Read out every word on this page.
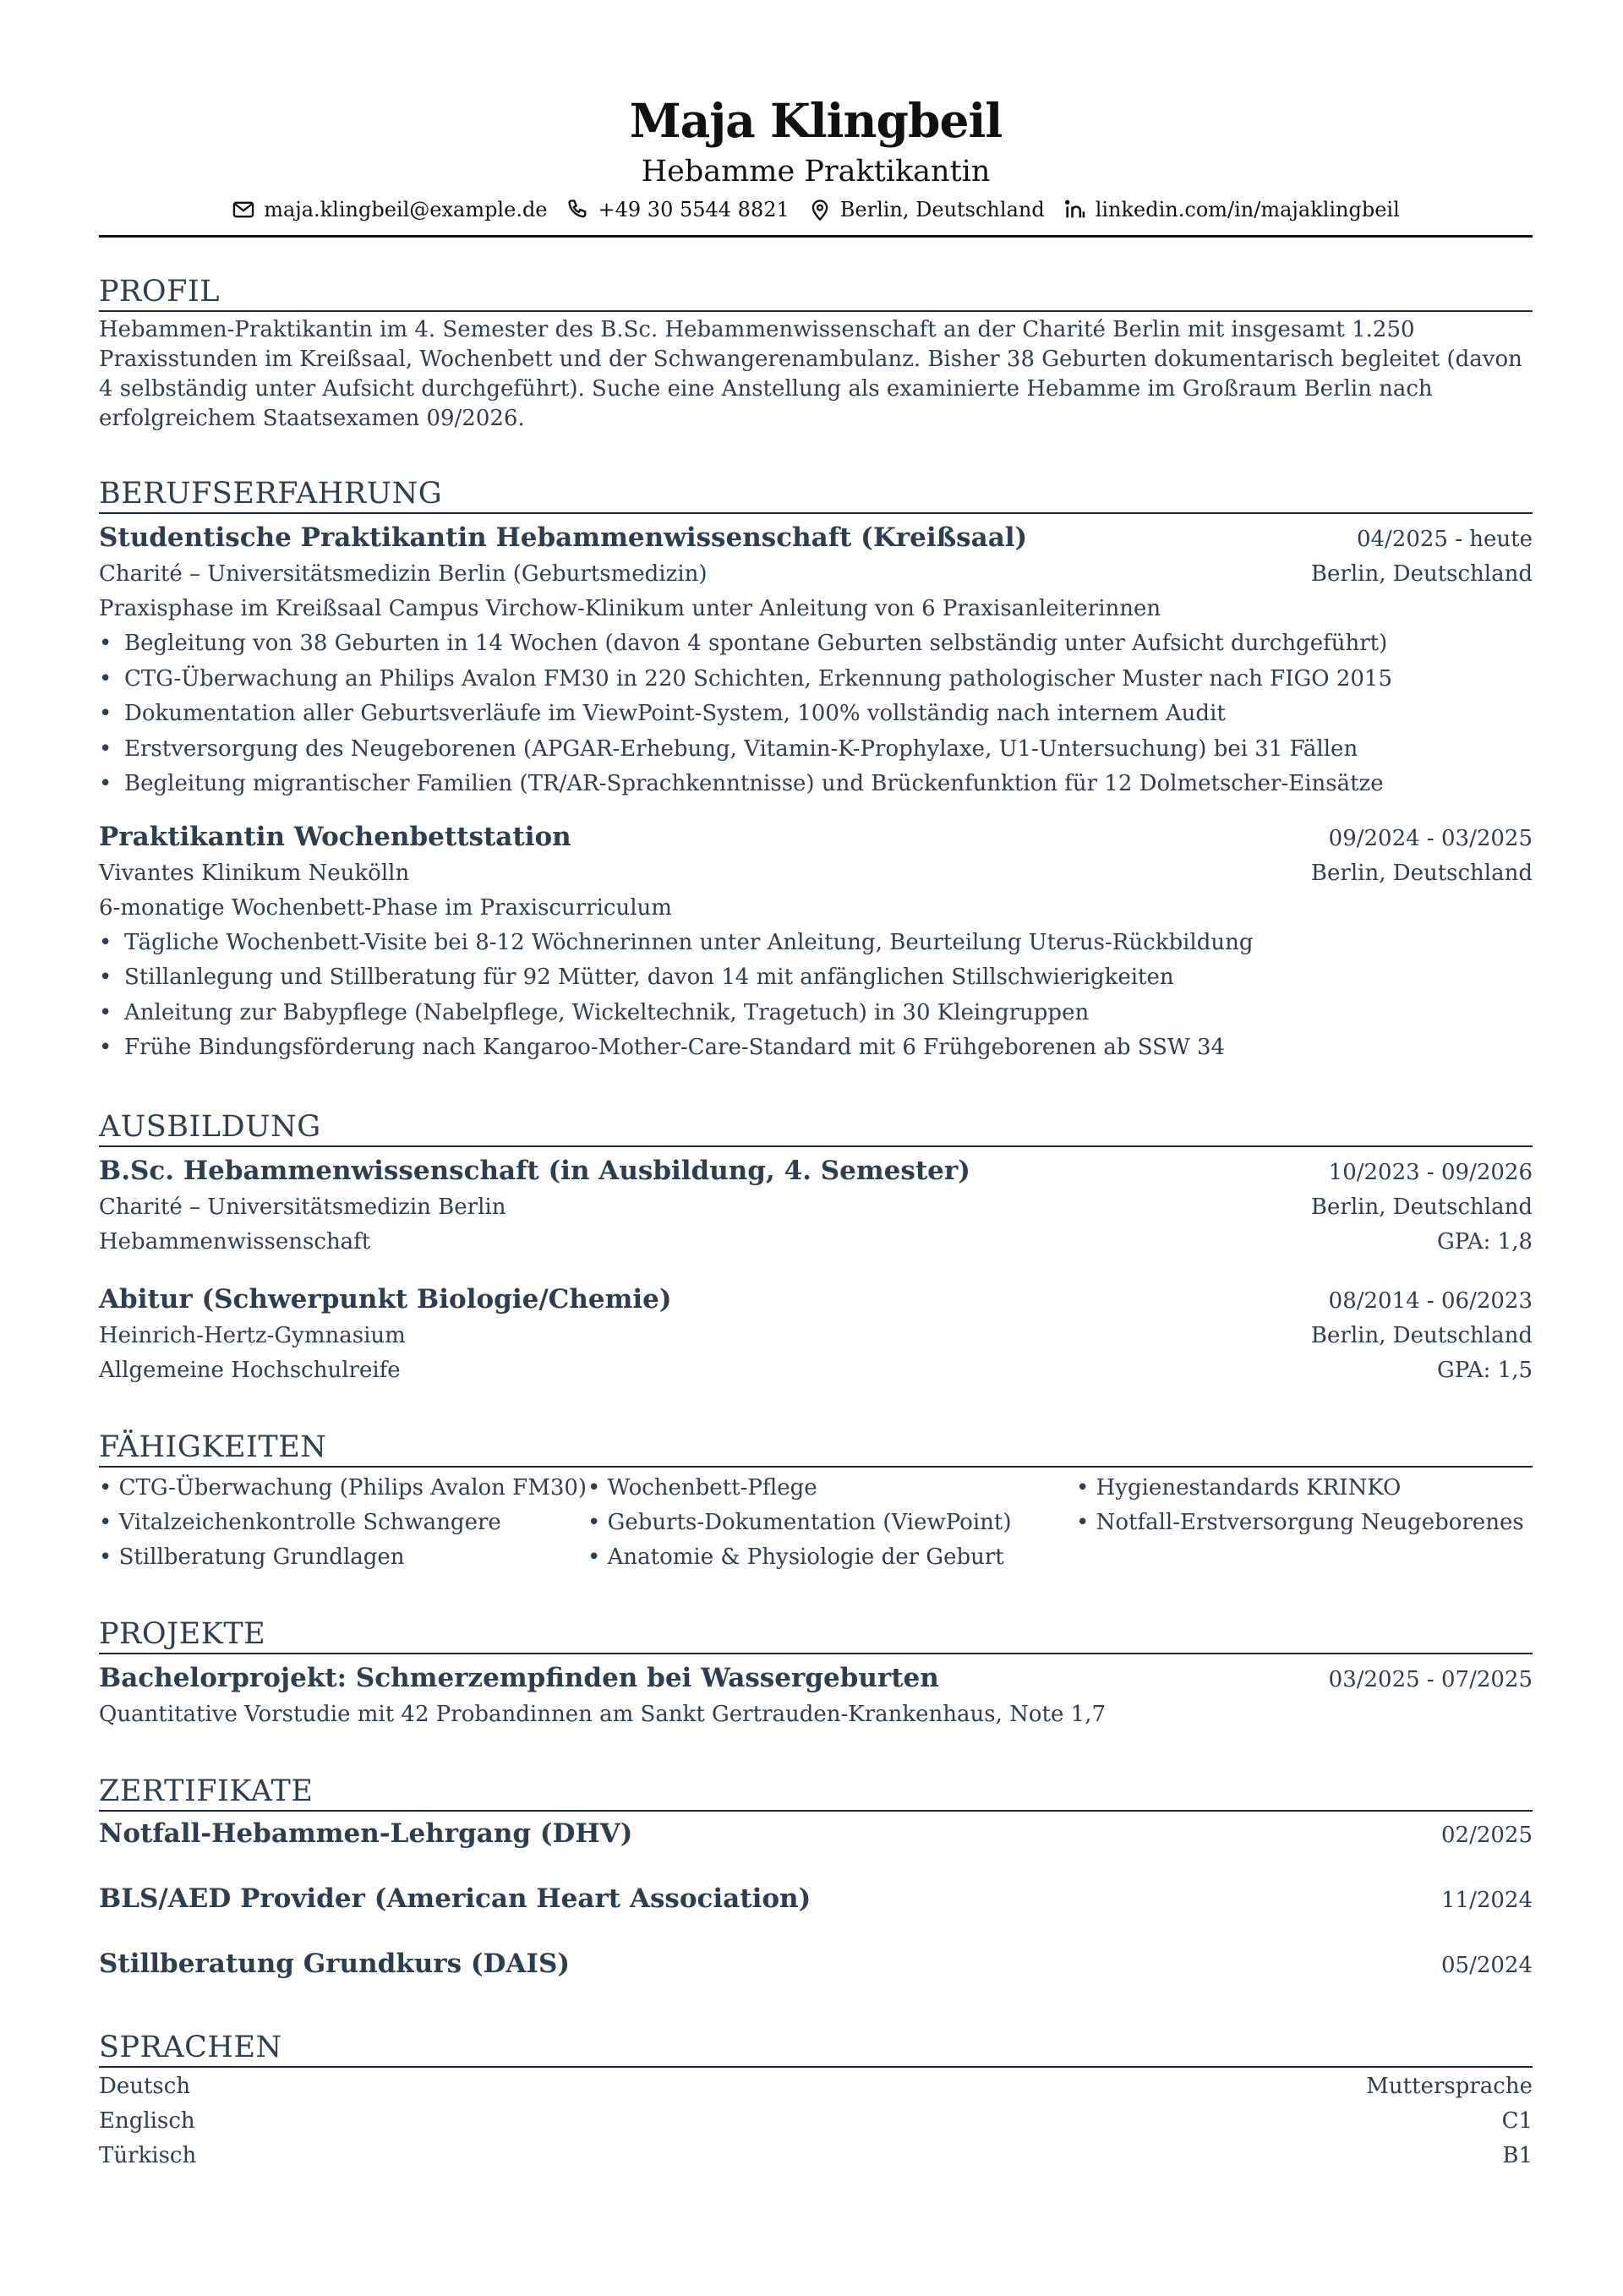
Maja Klingbeil
Hebamme Praktikantin
maja.klingbeil@example.de	+49 30 5544 8821	Berlin, Deutschland	linkedin.com/in/majaklingbeil
PROFIL
Hebammen-Praktikantin im 4. Semester des B.Sc. Hebammenwissenschaft an der Charité Berlin mit insgesamt 1.250 Praxisstunden im Kreißsaal, Wochenbett und der Schwangerenambulanz. Bisher 38 Geburten dokumentarisch begleitet (davon 4 selbständig unter Aufsicht durchgeführt). Suche eine Anstellung als examinierte Hebamme im Großraum Berlin nach erfolgreichem Staatsexamen 09/2026.
BERUFSERFAHRUNG
Studentische Praktikantin Hebammenwissenschaft (Kreißsaal)	04/2025 - heute
Charité – Universitätsmedizin Berlin (Geburtsmedizin)	Berlin, Deutschland
Praxisphase im Kreißsaal Campus Virchow-Klinikum unter Anleitung von 6 Praxisanleiterinnen
• Begleitung von 38 Geburten in 14 Wochen (davon 4 spontane Geburten selbständig unter Aufsicht durchgeführt)
• CTG-Überwachung an Philips Avalon FM30 in 220 Schichten, Erkennung pathologischer Muster nach FIGO 2015
• Dokumentation aller Geburtsverläufe im ViewPoint-System, 100% vollständig nach internem Audit
• Erstversorgung des Neugeborenen (APGAR-Erhebung, Vitamin-K-Prophylaxe, U1-Untersuchung) bei 31 Fällen
• Begleitung migrantischer Familien (TR/AR-Sprachkenntnisse) und Brückenfunktion für 12 Dolmetscher-Einsätze
Praktikantin Wochenbettstation	09/2024 - 03/2025
Vivantes Klinikum Neukölln	Berlin, Deutschland
6-monatige Wochenbett-Phase im Praxiscurriculum
• Tägliche Wochenbett-Visite bei 8-12 Wöchnerinnen unter Anleitung, Beurteilung Uterus-Rückbildung
• Stillanlegung und Stillberatung für 92 Mütter, davon 14 mit anfänglichen Stillschwierigkeiten
• Anleitung zur Babypflege (Nabelpflege, Wickeltechnik, Tragetuch) in 30 Kleingruppen
• Frühe Bindungsförderung nach Kangaroo-Mother-Care-Standard mit 6 Frühgeborenen ab SSW 34
AUSBILDUNG
B.Sc. Hebammenwissenschaft (in Ausbildung, 4. Semester)	10/2023 - 09/2026
Charité – Universitätsmedizin Berlin	Berlin, Deutschland
Hebammenwissenschaft	GPA: 1,8
Abitur (Schwerpunkt Biologie/Chemie)	08/2014 - 06/2023
Heinrich-Hertz-Gymnasium	Berlin, Deutschland
Allgemeine Hochschulreife	GPA: 1,5
FÄHIGKEITEN
• CTG-Überwachung (Philips Avalon FM30) • Wochenbett-Pflege	• Hygienestandards KRINKO
• Vitalzeichenkontrolle Schwangere	• Geburts-Dokumentation (ViewPoint)	• Notfall-Erstversorgung Neugeborenes
• Stillberatung Grundlagen	• Anatomie & Physiologie der Geburt
PROJEKTE
Bachelorprojekt: Schmerzempfinden bei Wassergeburten	03/2025 - 07/2025
Quantitative Vorstudie mit 42 Probandinnen am Sankt Gertrauden-Krankenhaus, Note 1,7
ZERTIFIKATE
Notfall-Hebammen-Lehrgang (DHV)	02/2025
BLS/AED Provider (American Heart Association)	11/2024
Stillberatung Grundkurs (DAIS)	05/2024
SPRACHEN
Deutsch	Muttersprache
Englisch	C1
Türkisch	B1
